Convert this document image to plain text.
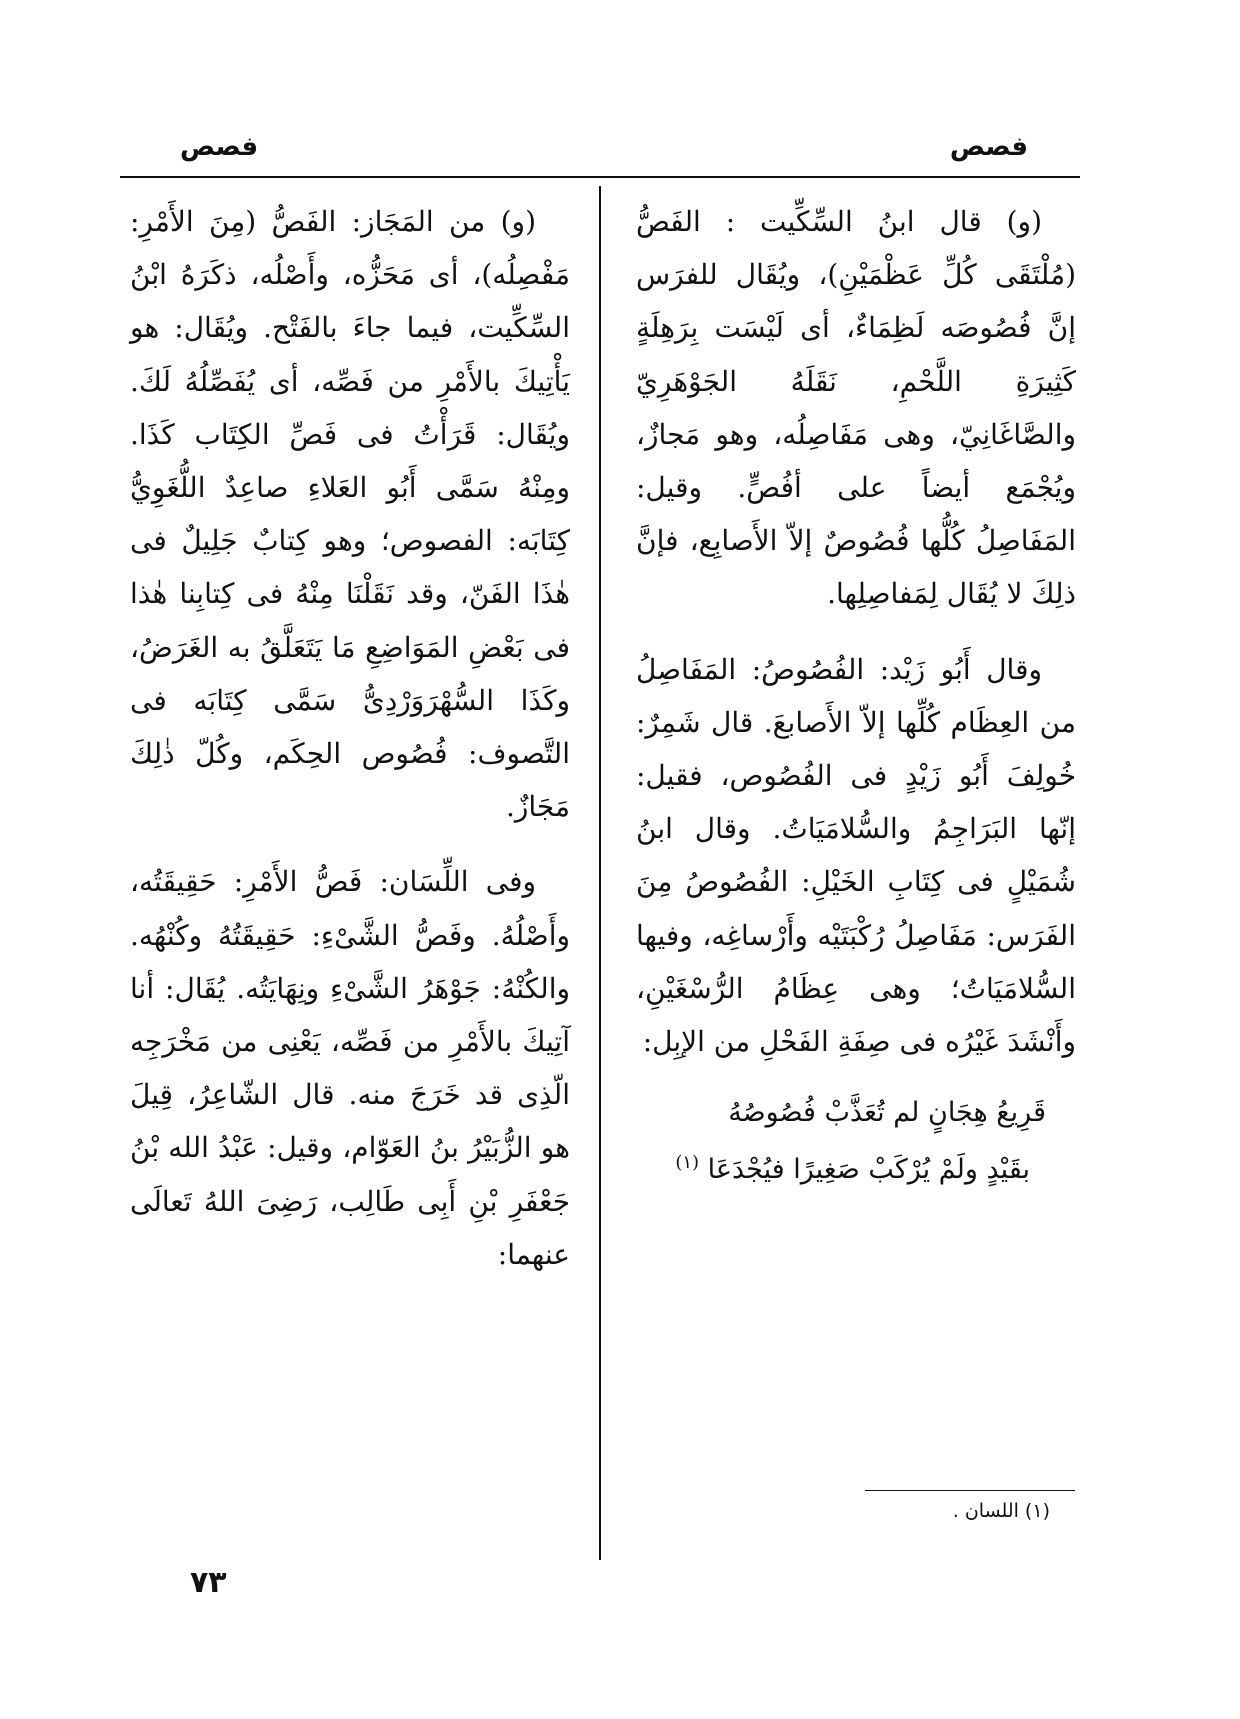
فصص
فصص

(و) قال ابنُ السِّكِّيت : الفَصُّ (مُلْتَقَى كُلِّ عَظْمَيْنِ)، ويُقَال للفرَس إنَّ فُصُوصَه لَظِمَاءٌ، أى لَيْسَت بِرَهِلَةٍ كَثِيرَةِ اللَّحْمِ، نَقَلَهُ الجَوْهَرِيّ والصَّاغَانِيّ، وهى مَفَاصِلُه، وهو مَجازٌ، ويُجْمَع أيضاً على أفُصٍّ. وقيل: المَفَاصِلُ كُلُّها فُصُوصٌ إلاّ الأَصابِع، فإنَّ ذلِكَ لا يُقَال لِمَفاصِلِها.

وقال أَبُو زَيْد: الفُصُوصُ: المَفَاصِلُ من العِظَام كُلِّها إلاّ الأَصابعَ. قال شَمِرٌ: خُولِفَ أَبُو زَيْدٍ فى الفُصُوص، فقيل: إنّها البَرَاجِمُ والسُّلامَيَاتُ. وقال ابنُ شُمَيْلٍ فى كِتَابِ الخَيْلِ: الفُصُوصُ مِنَ الفَرَس: مَفَاصِلُ رُكْبَتَيْه وأَرْساغِه، وفيها السُّلامَيَاتُ؛ وهى عِظَامُ الرُّسْغَيْنِ، وأَنْشَدَ غَيْرُه فى صِفَةِ الفَحْلِ من الإبِل:

قَرِيعُ هِجَانٍ لم تُعَذَّبْ فُصُوصُهُ

بقَيْدٍ ولَمْ يُرْكَبْ صَغِيرًا فيُجْدَعَا $^{(١)}$

(و) من المَجَاز: الفَصُّ (مِنَ الأَمْرِ: مَفْصِلُه)، أى مَحَزُّه، وأَصْلُه، ذكَرَهُ ابْنُ السِّكِّيت، فيما جاءَ بالفَتْح. ويُقَال: هو يَأْتِيكَ بالأَمْرِ من فَصِّه، أى يُفَصِّلُهُ لَكَ. ويُقَال: قَرَأْتُ فى فَصِّ الكِتَاب كَذَا. ومِنْهُ سَمَّى أَبُو العَلاءِ صاعِدٌ اللُّغَوِيُّ كِتَابَه: الفصوص؛ وهو كِتابٌ جَلِيلٌ فى هٰذَا الفَنّ، وقد نَقَلْنَا مِنْهُ فى كِتابِنا هٰذا فى بَعْضِ المَوَاضِعِ مَا يَتَعَلَّقُ به الغَرَضُ، وكَذَا السُّهْرَوَرْدِىُّ سَمَّى كِتَابَه فى التَّصوف: فُصُوص الحِكَم، وكُلّ ذٰلِكَ مَجَازٌ.

وفى اللِّسَان: فَصُّ الأَمْرِ: حَقِيقَتُه، وأَصْلُهُ. وفَصُّ الشَّىْءِ: حَقِيقَتُهُ وكُنْهُه. والكُنْهُ: جَوْهَرُ الشَّىْءِ ونِهَايَتُه. يُقَال: أنا آتِيكَ بالأَمْرِ من فَصِّه، يَعْنِى من مَخْرَجِه الّذِى قد خَرَجَ منه. قال الشّاعِرُ، قِيلَ هو الزُّبَيْرُ بنُ العَوّام، وقيل: عَبْدُ الله بْنُ جَعْفَرِ بْنِ أَبِى طَالِب، رَضِىَ اللهُ تَعالَى عنهما:

(١) اللسان .
٧٣
